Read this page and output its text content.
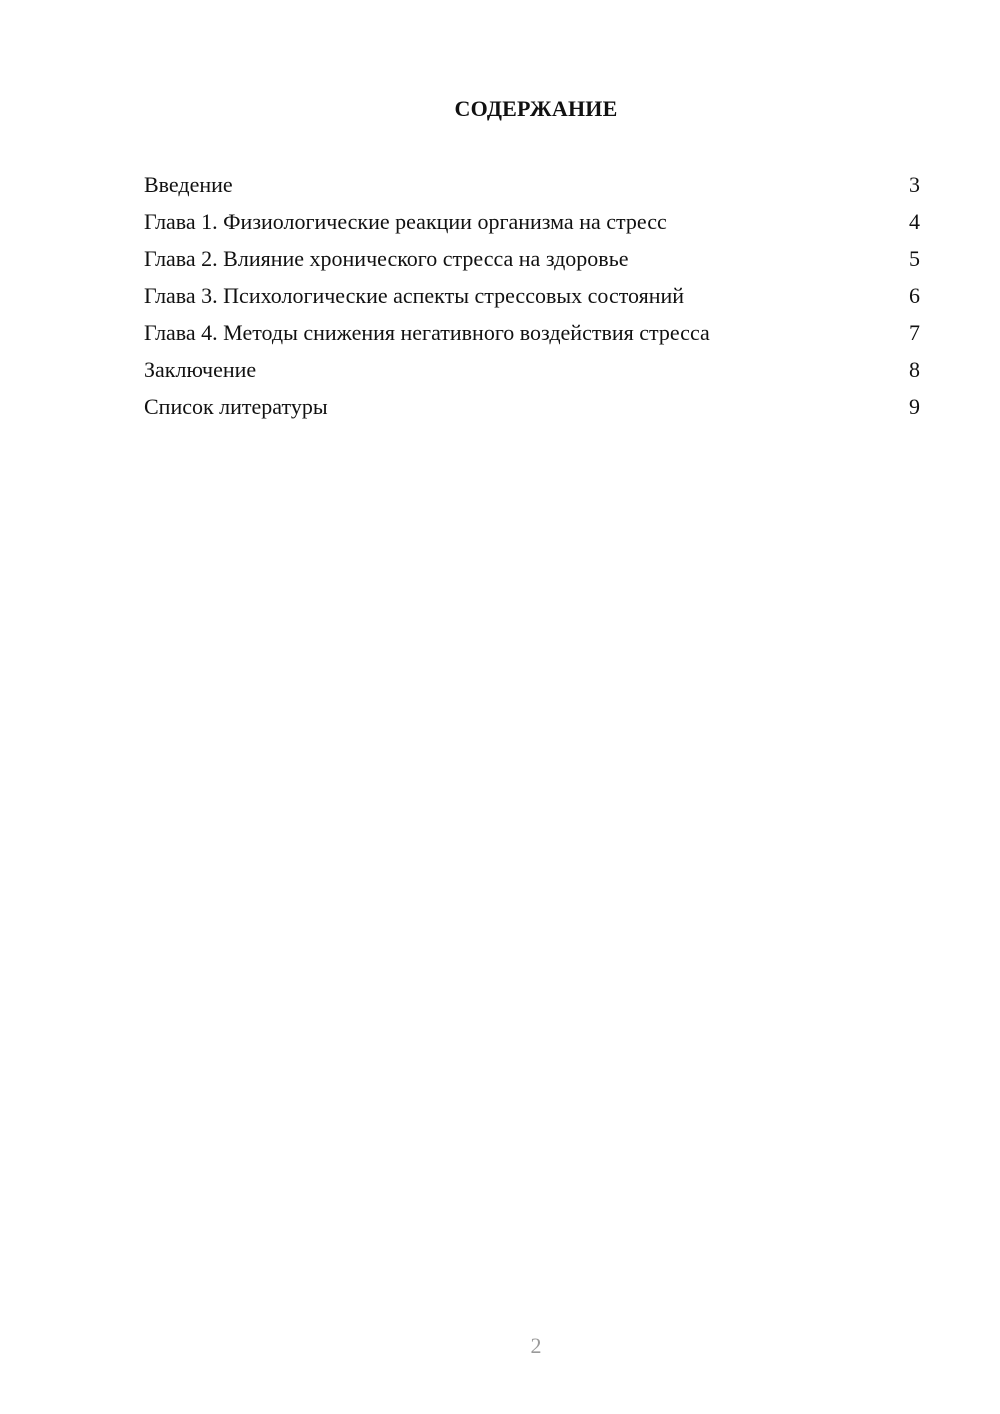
СОДЕРЖАНИЕ
Введение	3
Глава 1. Физиологические реакции организма на стресс	4
Глава 2. Влияние хронического стресса на здоровье	5
Глава 3. Психологические аспекты стрессовых состояний	6
Глава 4. Методы снижения негативного воздействия стресса	7
Заключение	8
Список литературы	9
2
